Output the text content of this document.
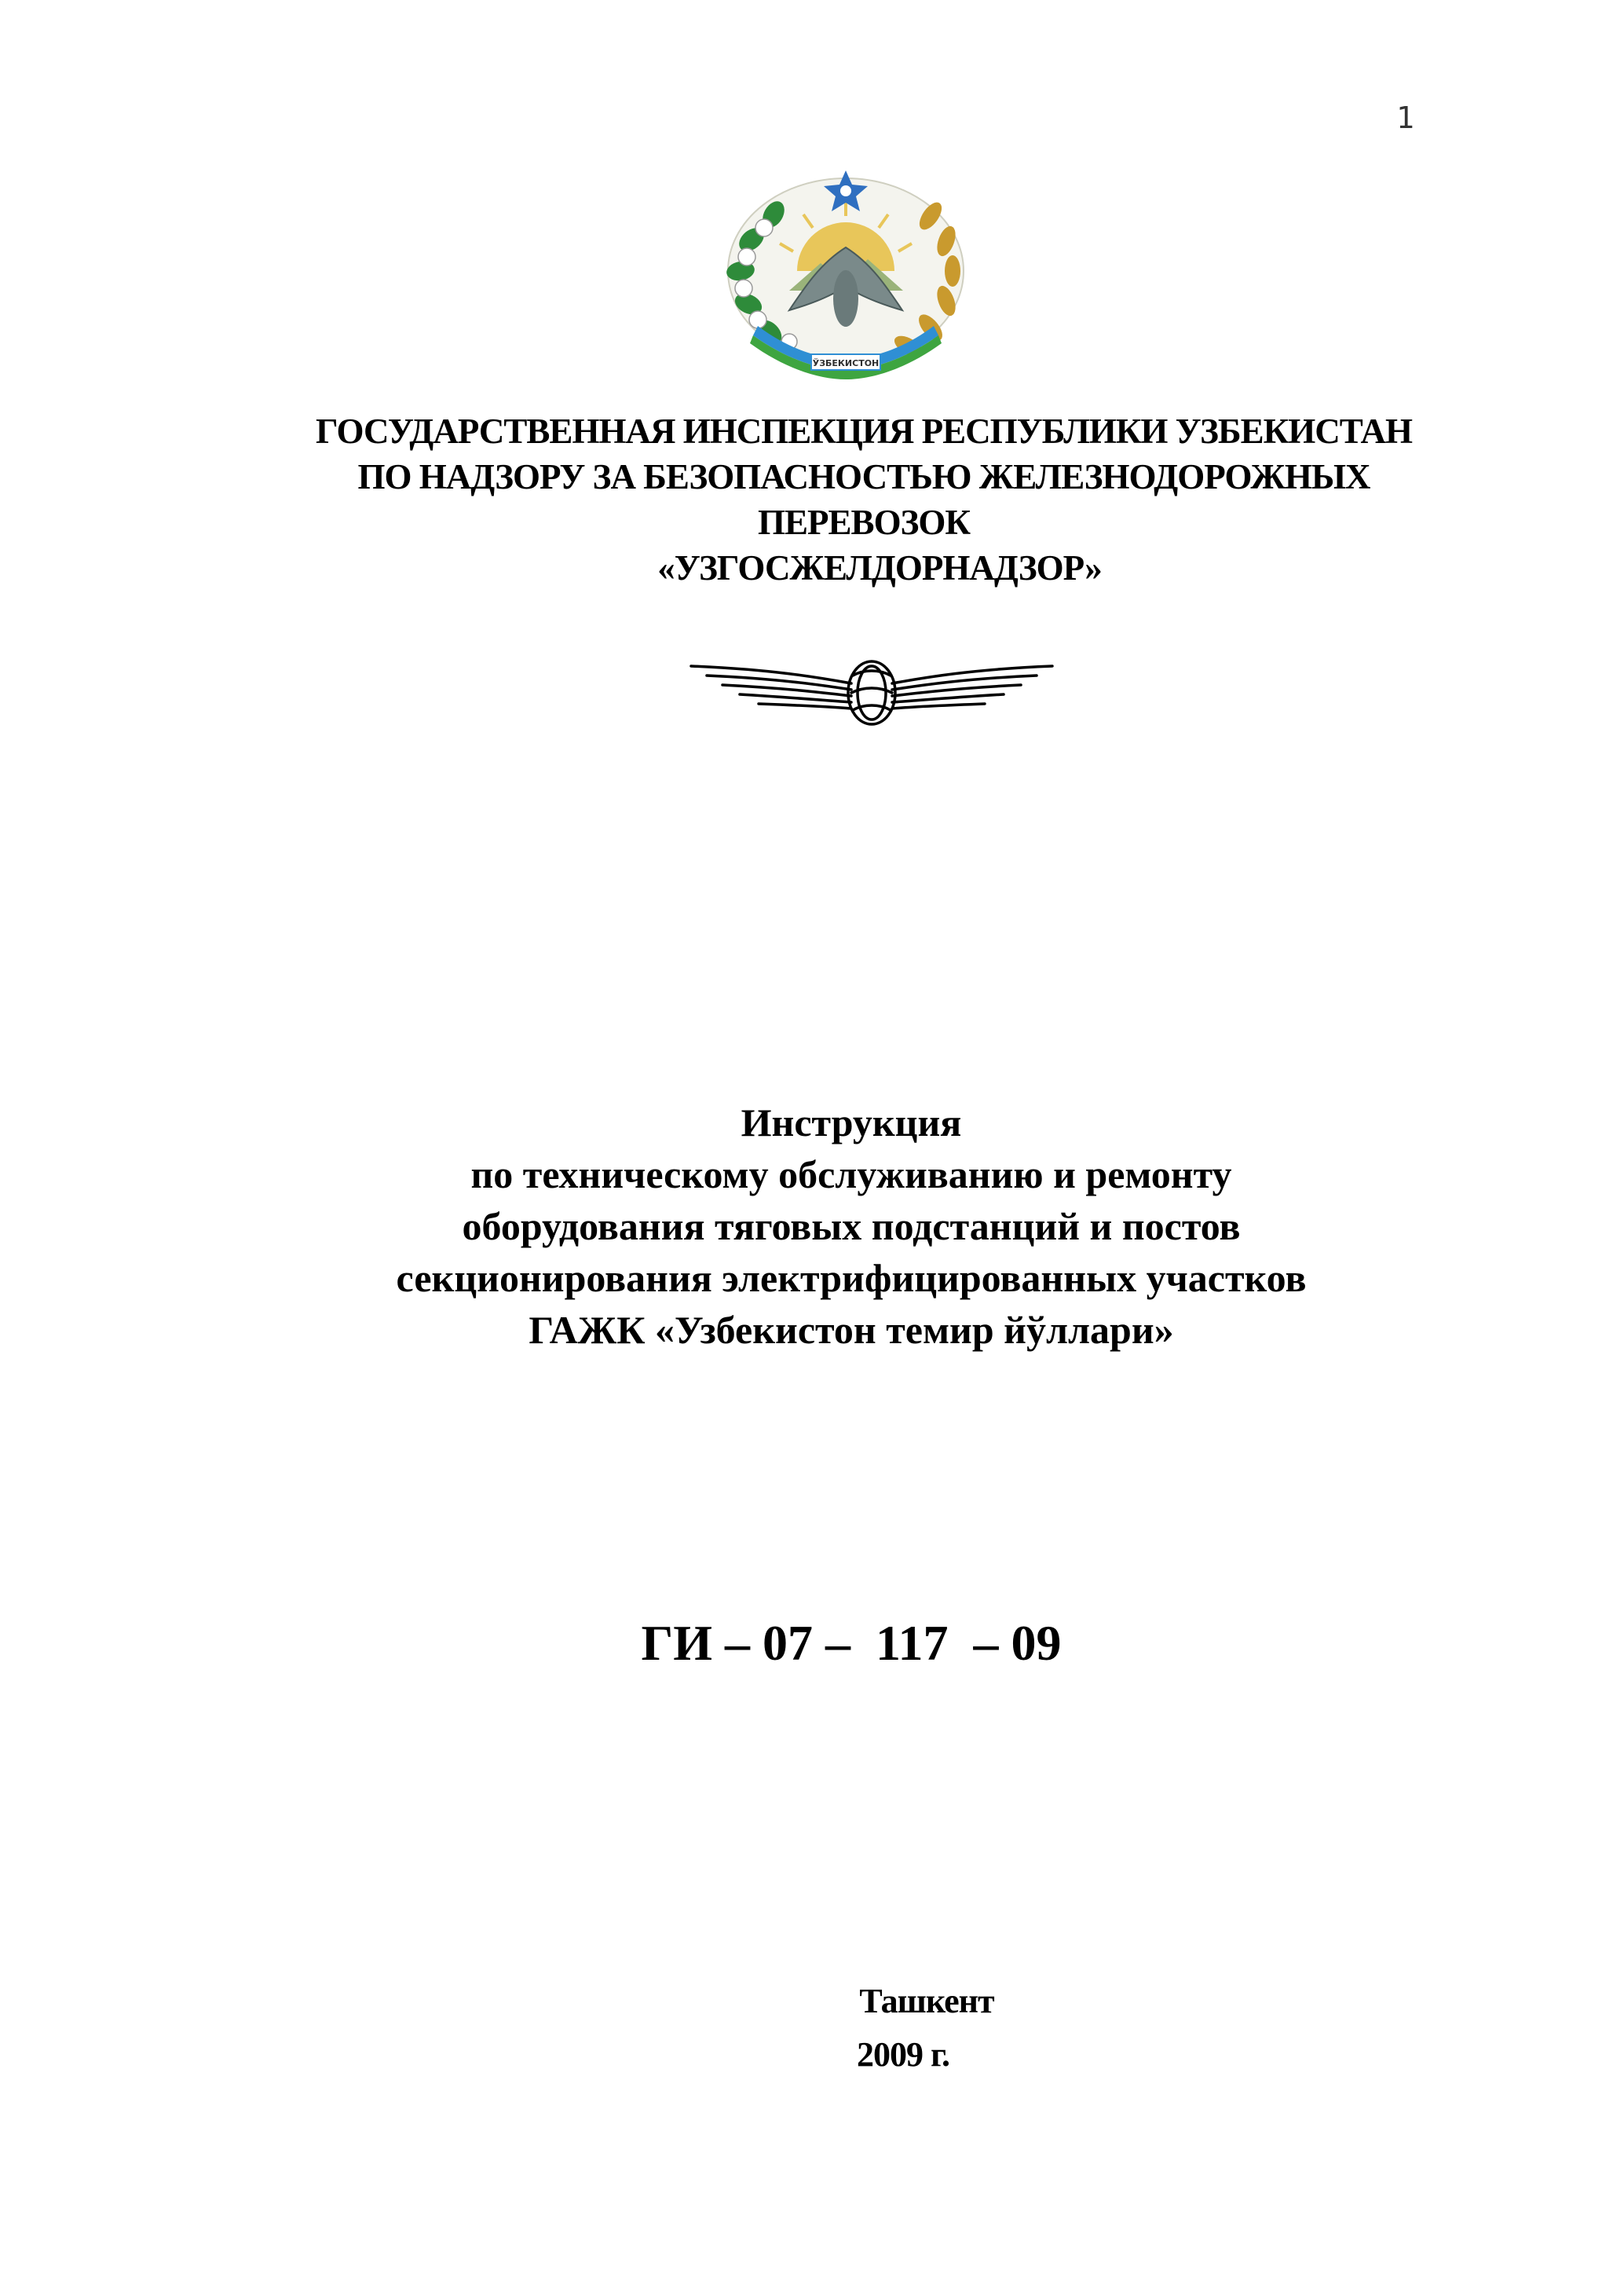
1
ЎЗБЕКИСТОН
ГОСУДАРСТВЕННАЯ ИНСПЕКЦИЯ РЕСПУБЛИКИ УЗБЕКИСТАН
ПО НАДЗОРУ ЗА БЕЗОПАСНОСТЬЮ ЖЕЛЕЗНОДОРОЖНЫХ
ПЕРЕВОЗОК
«УЗГОСЖЕЛДОРНАДЗОР»
Инструкция
по техническому обслуживанию и ремонту
оборудования тяговых подстанций и постов
секционирования электрифицированных участков
ГАЖК «Узбекистон темир йўллари»
ГИ – 07 –  117  – 09
Ташкент
2009 г.
